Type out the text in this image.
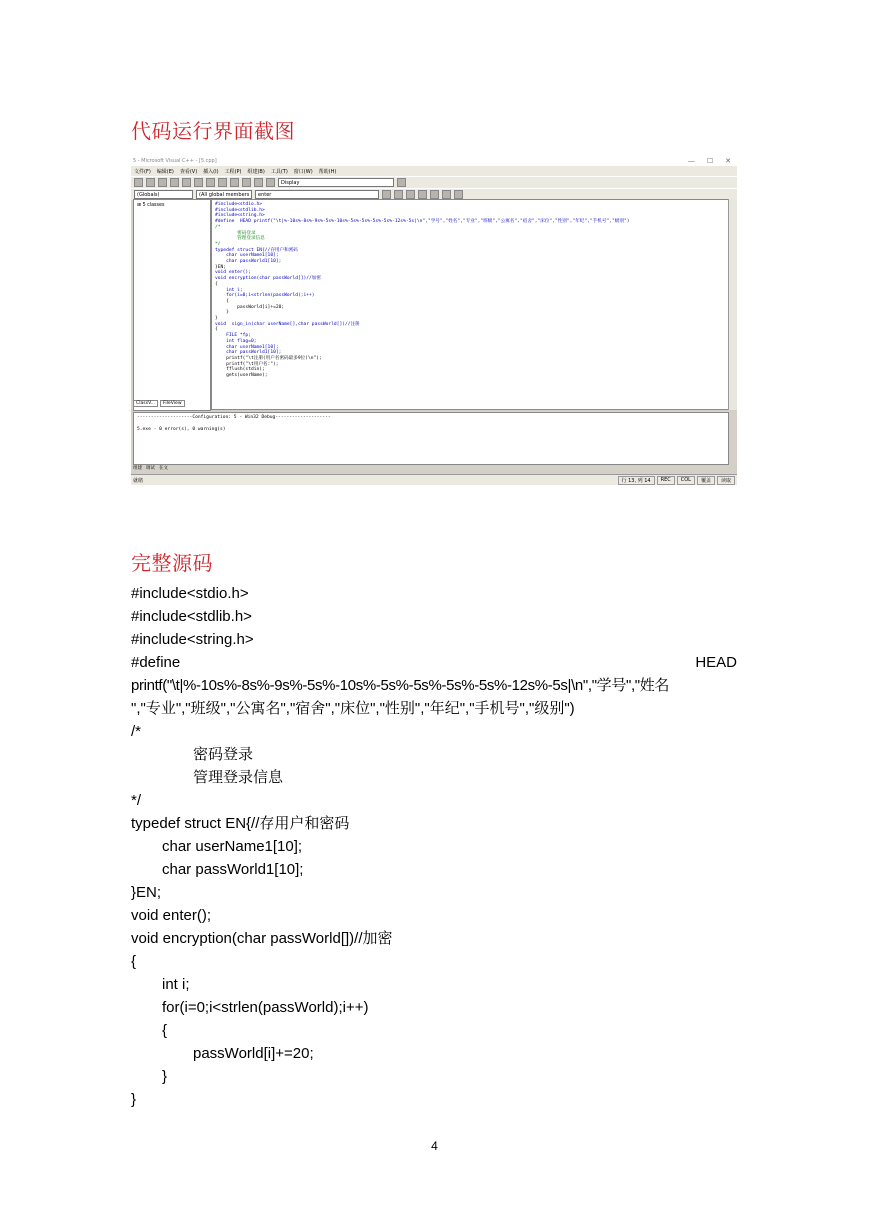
代码运行界面截图
5 - Microsoft Visual C++ - [5.cpp]	— ☐ ✕
文件(F) 编辑(E) 查看(V) 插入(I) 工程(P) 组建(B) 工具(T) 窗口(W) 帮助(H)
Display
(Globals)	(All global members	enter
⊞ 5 classes
ClassV...	FileView
#include<stdio.h>
#include<stdlib.h>
#include<string.h>
#define  HEAD printf("\t|%-10s%-8s%-9s%-5s%-10s%-5s%-5s%-5s%-5s%-12s%-5s|\n","学号","姓名","专业","班级","公寓名","宿舍","床位","性别","年纪","手机号","级别")
/*
密码登录
管理登录信息
*/
typedef struct EN{//存用户和密码
char userName1[10];
char passWorld1[10];
}EN;
void enter();
void encryption(char passWorld[])//加密
{
int i;
for(i=0;i<strlen(passWorld);i++)
{
passWorld[i]+=20;
}
}
void  sign_in(char userName[],char passWorld[])//注册
{
FILE *fp;
int flag=0;
char userName1[10];
char passWorld1[10];
printf("\t注册(用户名密码最多9位)\n");
printf("\t用户名:");
fflush(stdin);
gets(userName);
--------------------Configuration: 5 - Win32 Debug--------------------
5.exe - 0 error(s), 0 warning(s)
组建 调试 在文
就绪	行 13, 列 14	REC	COL	覆盖	读取
完整源码
#include<stdio.h>
#include<stdlib.h>
#include<string.h>
#define	HEAD
printf("\t|%-10s%-8s%-9s%-5s%-10s%-5s%-5s%-5s%-5s%-12s%-5s|\n","学号","姓名
","专业","班级","公寓名","宿舍","床位","性别","年纪","手机号","级别")
/*
密码登录
管理登录信息
*/
typedef struct EN{//存用户和密码
char userName1[10];
char passWorld1[10];
}EN;
void enter();
void encryption(char passWorld[])//加密
{
int i;
for(i=0;i<strlen(passWorld);i++)
{
passWorld[i]+=20;
}
}
4
